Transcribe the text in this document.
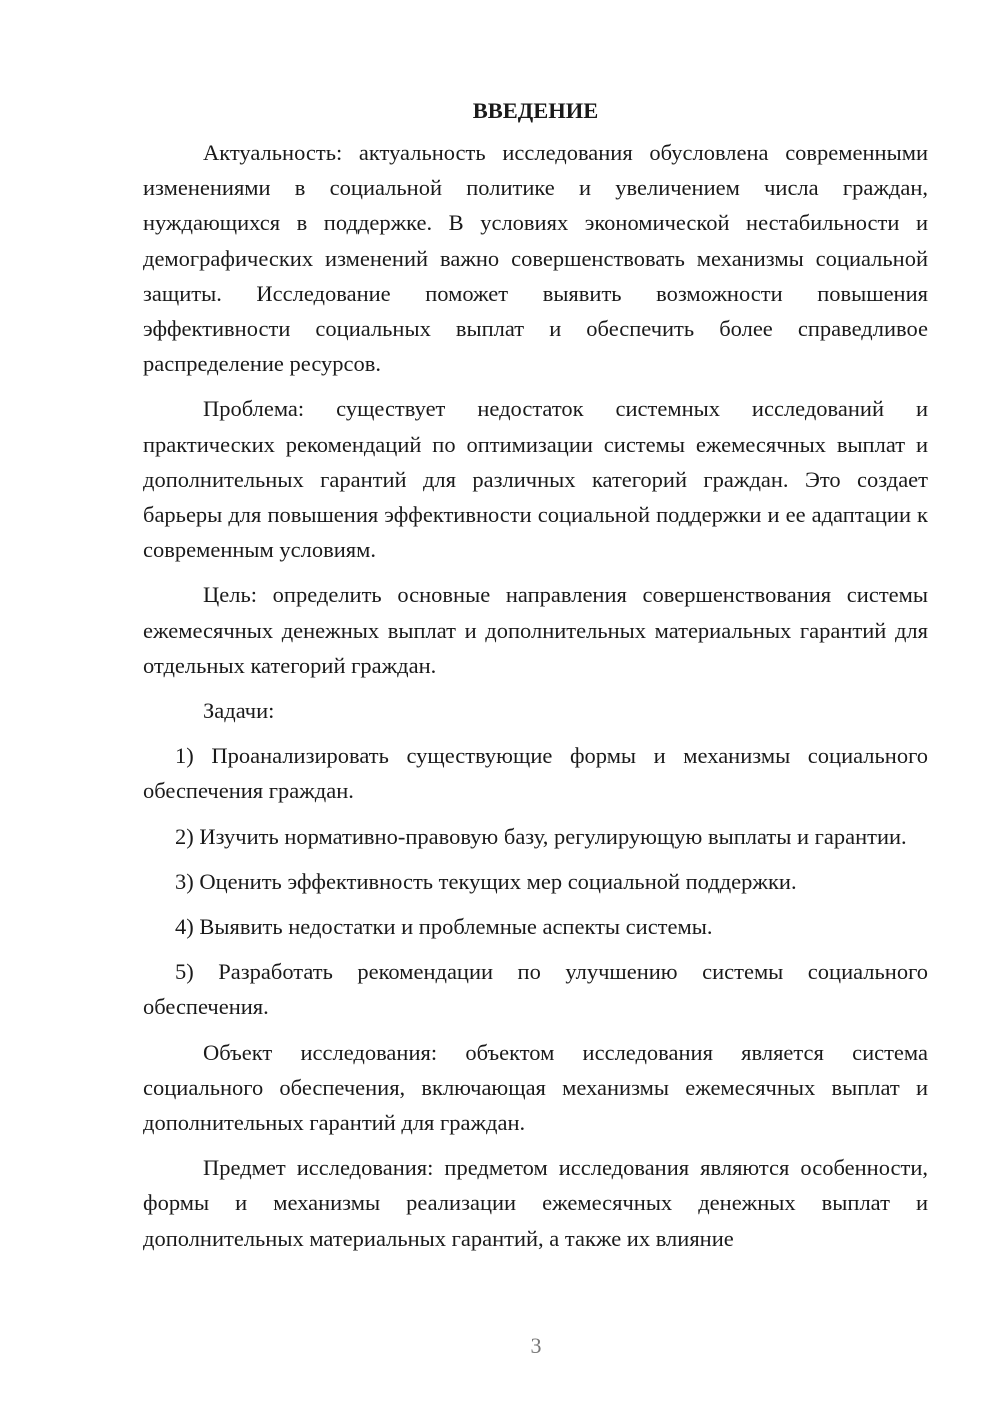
ВВЕДЕНИЕ

Актуальность: актуальность исследования обусловлена современными изменениями в социальной политике и увеличением числа граждан, нуждающихся в поддержке. В условиях экономической нестабильности и демографических изменений важно совершенствовать механизмы социальной защиты. Исследование поможет выявить возможности повышения эффективности социальных выплат и обеспечить более справедливое распределение ресурсов.

Проблема: существует недостаток системных исследований и практических рекомендаций по оптимизации системы ежемесячных выплат и дополнительных гарантий для различных категорий граждан. Это создает барьеры для повышения эффективности социальной поддержки и ее адаптации к современным условиям.

Цель: определить основные направления совершенствования системы ежемесячных денежных выплат и дополнительных материальных гарантий для отдельных категорий граждан.

Задачи:

1) Проанализировать существующие формы и механизмы социального обеспечения граждан.

2) Изучить нормативно-правовую базу, регулирующую выплаты и гарантии.

3) Оценить эффективность текущих мер социальной поддержки.

4) Выявить недостатки и проблемные аспекты системы.

5) Разработать рекомендации по улучшению системы социального обеспечения.

Объект исследования: объектом исследования является система социального обеспечения, включающая механизмы ежемесячных выплат и дополнительных гарантий для граждан.

Предмет исследования: предметом исследования являются особенности, формы и механизмы реализации ежемесячных денежных выплат и дополнительных материальных гарантий, а также их влияние

3
